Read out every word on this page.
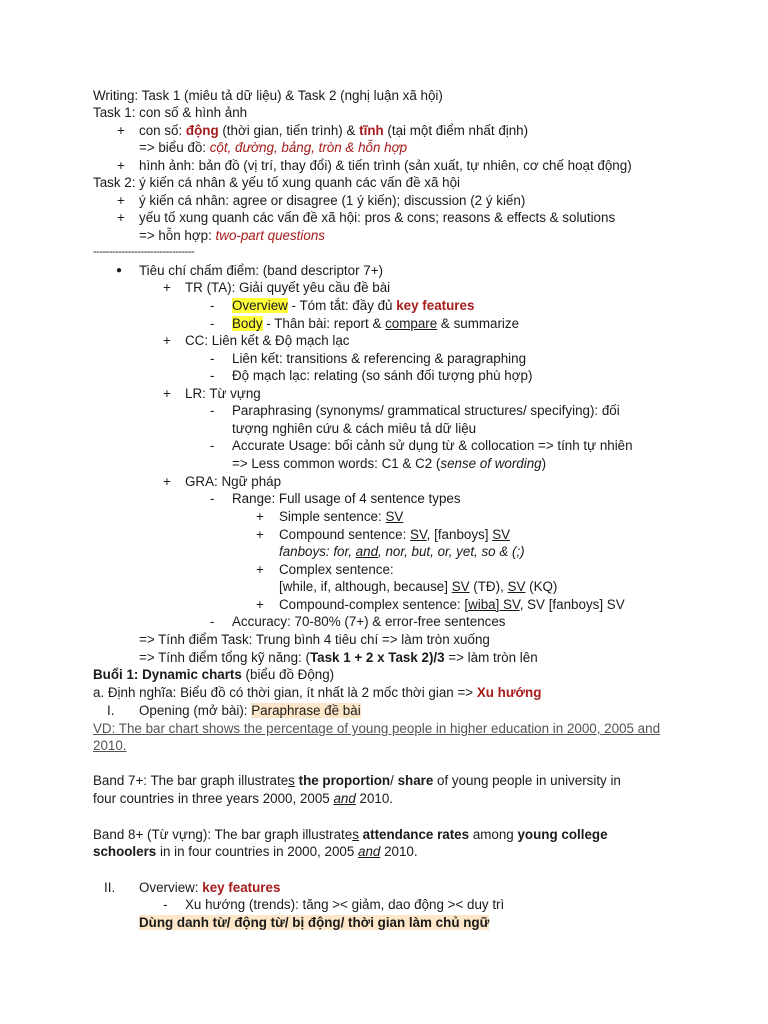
Writing: Task 1 (miêu tả dữ liệu) & Task 2 (nghị luận xã hội)
Task 1: con số & hình ảnh
+ con số: động (thời gian, tiến trình) & tĩnh (tại một điểm nhất định)
=> biểu đồ: cột, đường, bảng, tròn & hỗn hợp
+ hình ảnh: bản đồ (vị trí, thay đổi) & tiến trình (sản xuất, tự nhiên, cơ chế hoạt động)
Task 2: ý kiến cá nhân & yếu tố xung quanh các vấn đề xã hội
+ ý kiến cá nhân: agree or disagree (1 ý kiến); discussion (2 ý kiến)
+ yếu tố xung quanh các vấn đề xã hội: pros & cons; reasons & effects & solutions
=> hỗn hợp: two-part questions
--------------------------------
● Tiêu chí chấm điểm: (band descriptor 7+)
+ TR (TA): Giải quyết yêu cầu đề bài
- Overview - Tóm tắt: đầy đủ key features
- Body - Thân bài: report & compare & summarize
+ CC: Liên kết & Độ mạch lạc
- Liên kết: transitions & referencing & paragraphing
- Độ mạch lạc: relating (so sánh đối tượng phù hợp)
+ LR: Từ vựng
- Paraphrasing (synonyms/ grammatical structures/ specifying): đối
tượng nghiên cứu & cách miêu tả dữ liệu
- Accurate Usage: bối cảnh sử dụng từ & collocation => tính tự nhiên
=> Less common words: C1 & C2 (sense of wording)
+ GRA: Ngữ pháp
- Range: Full usage of 4 sentence types
+ Simple sentence: SV
+ Compound sentence: SV, [fanboys] SV
fanboys: for, and, nor, but, or, yet, so & (;)
+ Complex sentence:
[while, if, although, because] SV (TĐ), SV (KQ)
+ Compound-complex sentence: [wiba] SV, SV [fanboys] SV
- Accuracy: 70-80% (7+) & error-free sentences
=> Tính điểm Task: Trung bình 4 tiêu chí => làm tròn xuống
=> Tính điểm tổng kỹ năng: (Task 1 + 2 x Task 2)/3 => làm tròn lên
Buổi 1: Dynamic charts (biểu đồ Động)
a. Định nghĩa: Biểu đồ có thời gian, ít nhất là 2 mốc thời gian => Xu hướng
I. Opening (mở bài): Paraphrase đề bài
VD: The bar chart shows the percentage of young people in higher education in 2000, 2005 and
2010.
Band 7+: The bar graph illustrates the proportion/ share of young people in university in
four countries in three years 2000, 2005 and 2010.
Band 8+ (Từ vựng): The bar graph illustrates attendance rates among young college
schoolers in in four countries in 2000, 2005 and 2010.
II. Overview: key features
- Xu hướng (trends): tăng >< giảm, dao động >< duy trì
Dùng danh từ/ động từ/ bị động/ thời gian làm chủ ngữ
